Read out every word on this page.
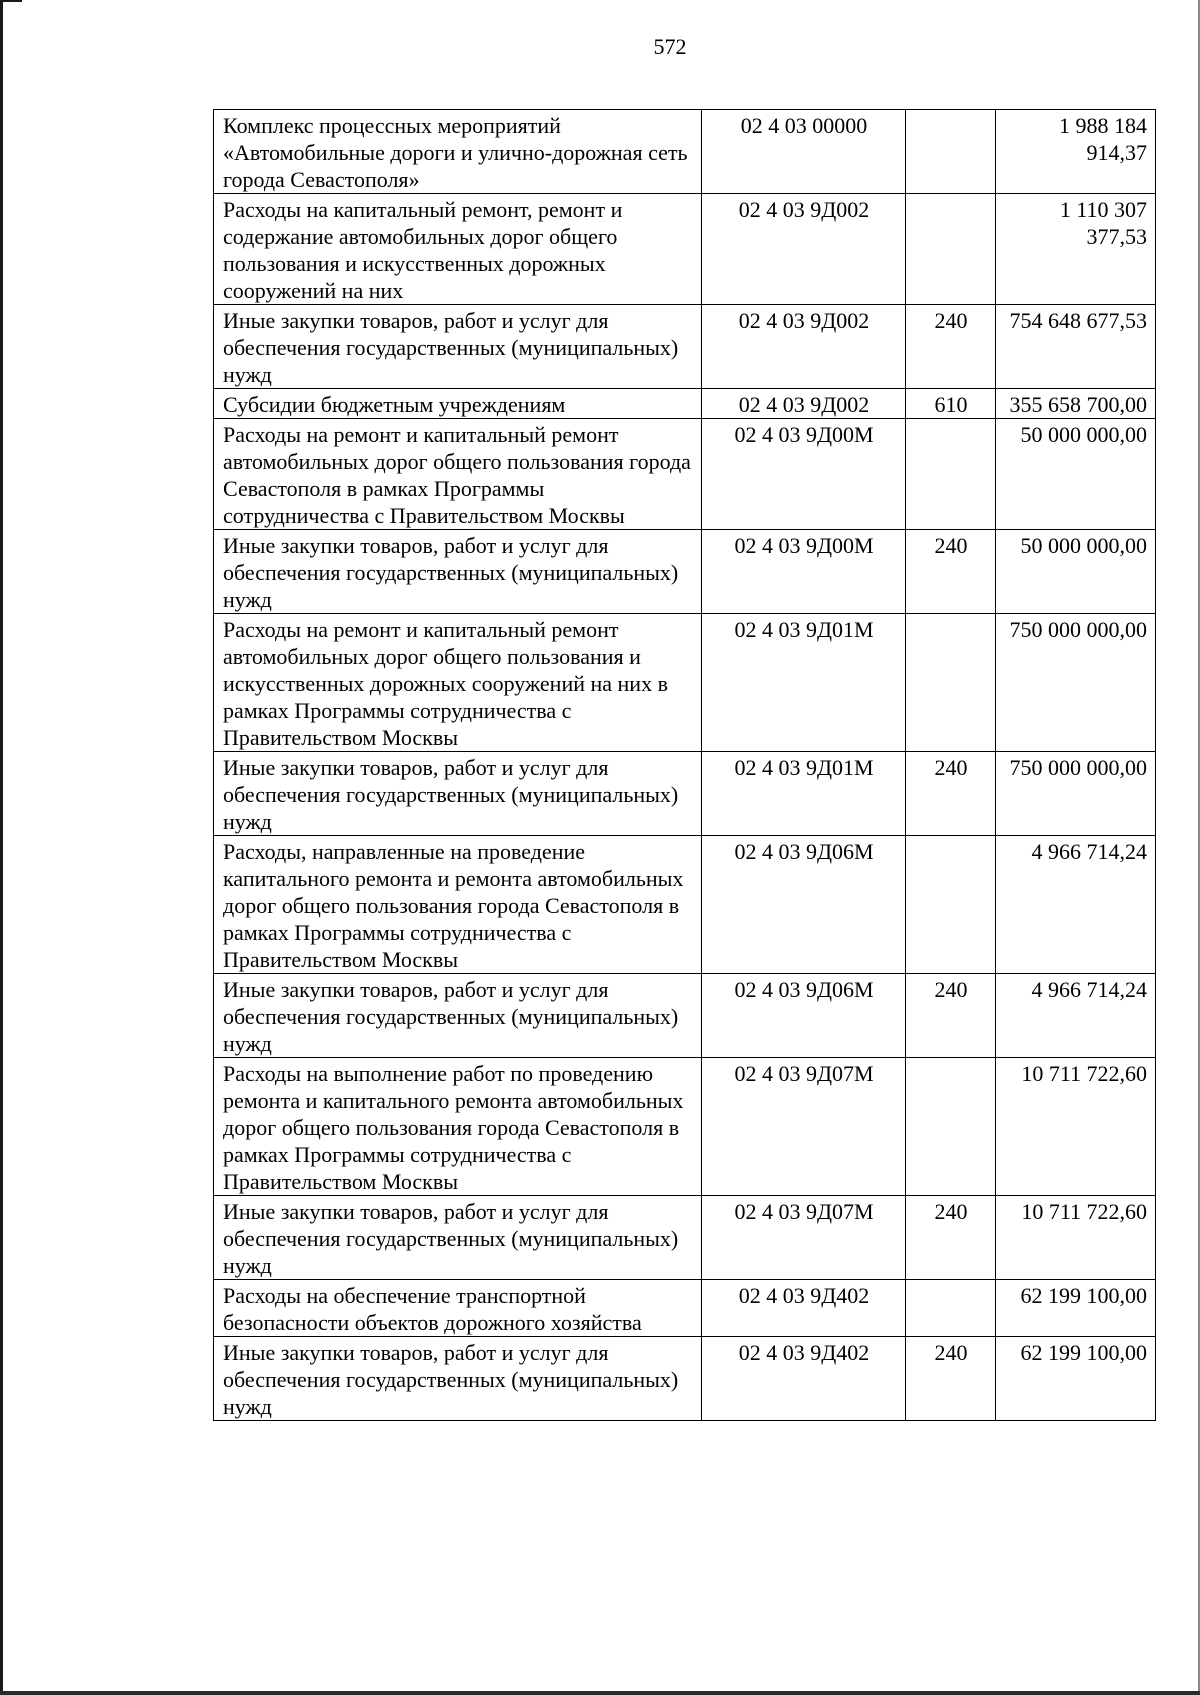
572
Комплекс процессных мероприятий «Автомобильные дороги и улично-дорожная сеть города Севастополя»	02 4 03 00000		1 988 184 914,37
Расходы на капитальный ремонт, ремонт и содержание автомобильных дорог общего пользования и искусственных дорожных сооружений на них	02 4 03 9Д002		1 110 307 377,53
Иные закупки товаров, работ и услуг для обеспечения государственных (муниципальных) нужд	02 4 03 9Д002	240	754 648 677,53
Субсидии бюджетным учреждениям	02 4 03 9Д002	610	355 658 700,00
Расходы на ремонт и капитальный ремонт автомобильных дорог общего пользования города Севастополя в рамках Программы сотрудничества с Правительством Москвы	02 4 03 9Д00М		50 000 000,00
Иные закупки товаров, работ и услуг для обеспечения государственных (муниципальных) нужд	02 4 03 9Д00М	240	50 000 000,00
Расходы на ремонт и капитальный ремонт автомобильных дорог общего пользования и искусственных дорожных сооружений на них в рамках Программы сотрудничества с Правительством Москвы	02 4 03 9Д01М		750 000 000,00
Иные закупки товаров, работ и услуг для обеспечения государственных (муниципальных) нужд	02 4 03 9Д01М	240	750 000 000,00
Расходы, направленные на проведение капитального ремонта и ремонта автомобильных дорог общего пользования города Севастополя в рамках Программы сотрудничества с Правительством Москвы	02 4 03 9Д06М		4 966 714,24
Иные закупки товаров, работ и услуг для обеспечения государственных (муниципальных) нужд	02 4 03 9Д06М	240	4 966 714,24
Расходы на выполнение работ по проведению ремонта и капитального ремонта автомобильных дорог общего пользования города Севастополя в рамках Программы сотрудничества с Правительством Москвы	02 4 03 9Д07М		10 711 722,60
Иные закупки товаров, работ и услуг для обеспечения государственных (муниципальных) нужд	02 4 03 9Д07М	240	10 711 722,60
Расходы на обеспечение транспортной безопасности объектов дорожного хозяйства	02 4 03 9Д402		62 199 100,00
Иные закупки товаров, работ и услуг для обеспечения государственных (муниципальных) нужд	02 4 03 9Д402	240	62 199 100,00
